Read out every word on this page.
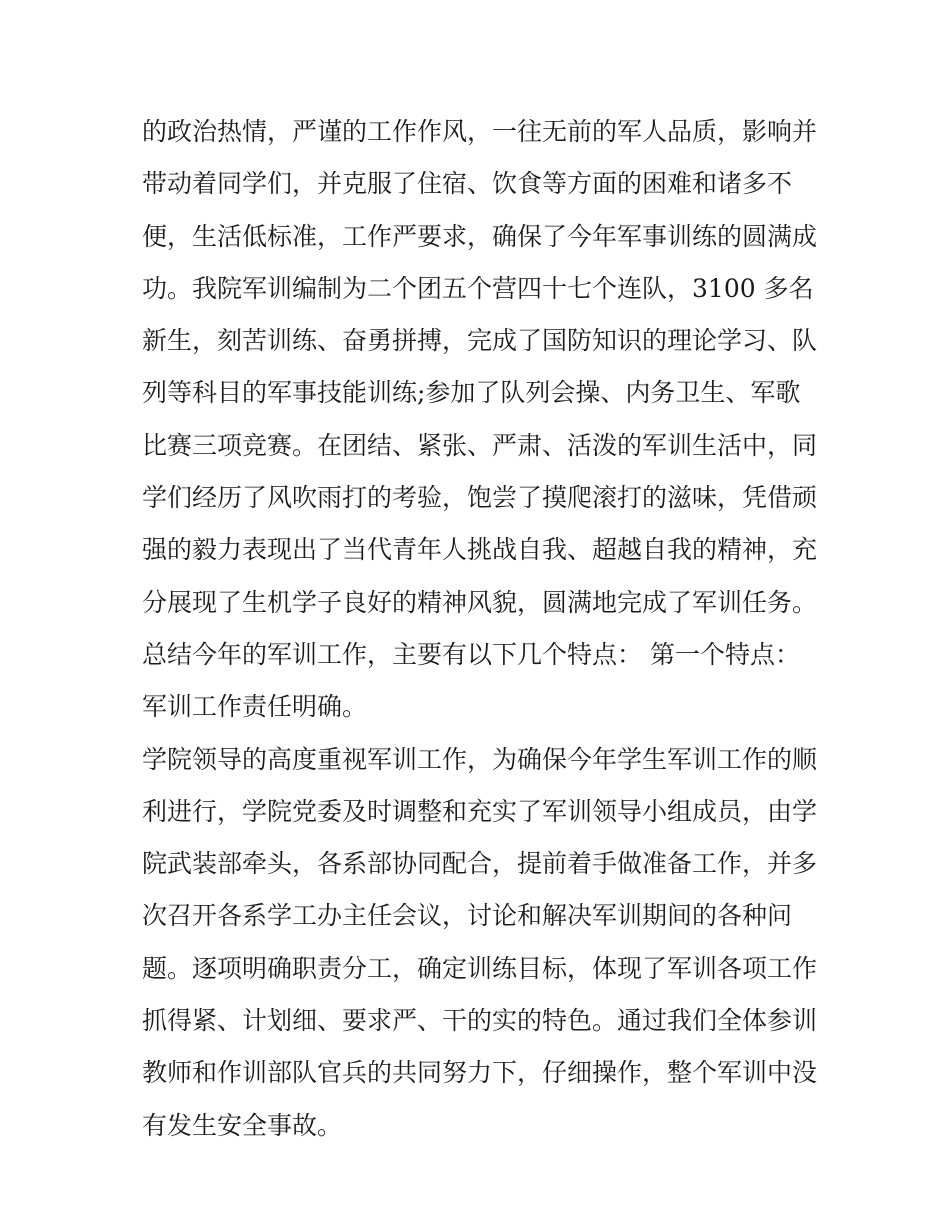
的政治热情，严谨的工作作风，一往无前的军人品质，影响并
带动着同学们，并克服了住宿、饮食等方面的困难和诸多不
便，生活低标准，工作严要求，确保了今年军事训练的圆满成
功。我院军训编制为二个团五个营四十七个连队，3100 多名
新生，刻苦训练、奋勇拼搏，完成了国防知识的理论学习、队
列等科目的军事技能训练;参加了队列会操、内务卫生、军歌
比赛三项竞赛。在团结、紧张、严肃、活泼的军训生活中，同
学们经历了风吹雨打的考验，饱尝了摸爬滚打的滋味，凭借顽
强的毅力表现出了当代青年人挑战自我、超越自我的精神，充
分展现了生机学子良好的精神风貌，圆满地完成了军训任务。
总结今年的军训工作，主要有以下几个特点： 第一个特点：
军训工作责任明确。
学院领导的高度重视军训工作，为确保今年学生军训工作的顺
利进行，学院党委及时调整和充实了军训领导小组成员，由学
院武装部牵头，各系部协同配合，提前着手做准备工作，并多
次召开各系学工办主任会议，讨论和解决军训期间的各种问
题。逐项明确职责分工，确定训练目标，体现了军训各项工作
抓得紧、计划细、要求严、干的实的特色。通过我们全体参训
教师和作训部队官兵的共同努力下，仔细操作，整个军训中没
有发生安全事故。
